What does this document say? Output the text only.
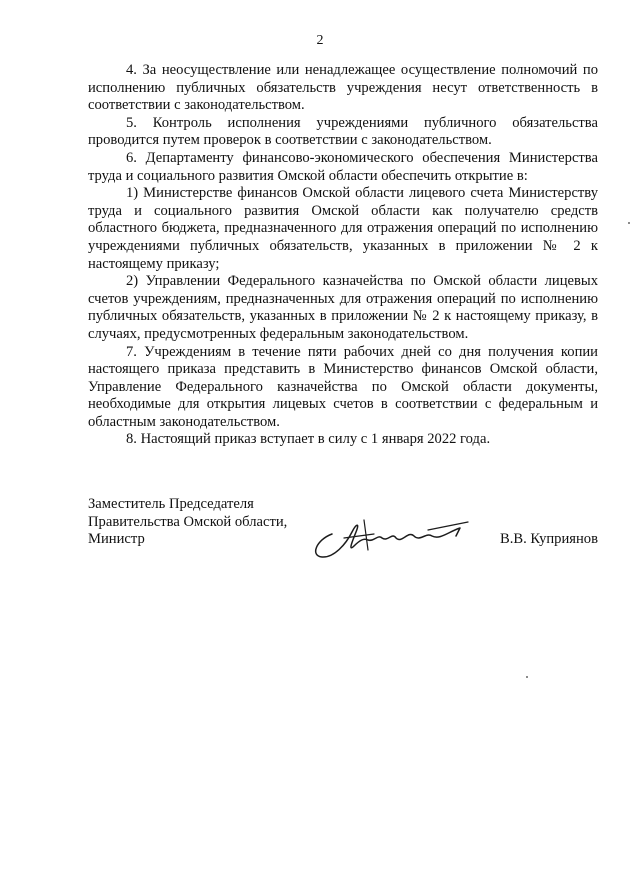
2

4. За неосуществление или ненадлежащее осуществление полномочий по исполнению публичных обязательств учреждения несут ответственность в соответствии с законодательством.

5. Контроль исполнения учреждениями публичного обязательства проводится путем проверок в соответствии с законодательством.

6. Департаменту финансово-экономического обеспечения Министерства труда и социального развития Омской области обеспечить открытие в:

1) Министерстве финансов Омской области лицевого счета Министерству труда и социального развития Омской области как получателю средств областного бюджета, предназначенного для отражения операций по исполнению учреждениями публичных обязательств, указанных в приложении № 2 к настоящему приказу;

2) Управлении Федерального казначейства по Омской области лицевых счетов учреждениям, предназначенных для отражения операций по исполнению публичных обязательств, указанных в приложении № 2 к настоящему приказу, в случаях, предусмотренных федеральным законодательством.

7. Учреждениям в течение пяти рабочих дней со дня получения копии настоящего приказа представить в Министерство финансов Омской области, Управление Федерального казначейства по Омской области документы, необходимые для открытия лицевых счетов в соответствии с федеральным и областным законодательством.

8. Настоящий приказ вступает в силу с 1 января 2022 года.

Заместитель Председателя
Правительства Омской области,
Министр	В.В. Куприянов
